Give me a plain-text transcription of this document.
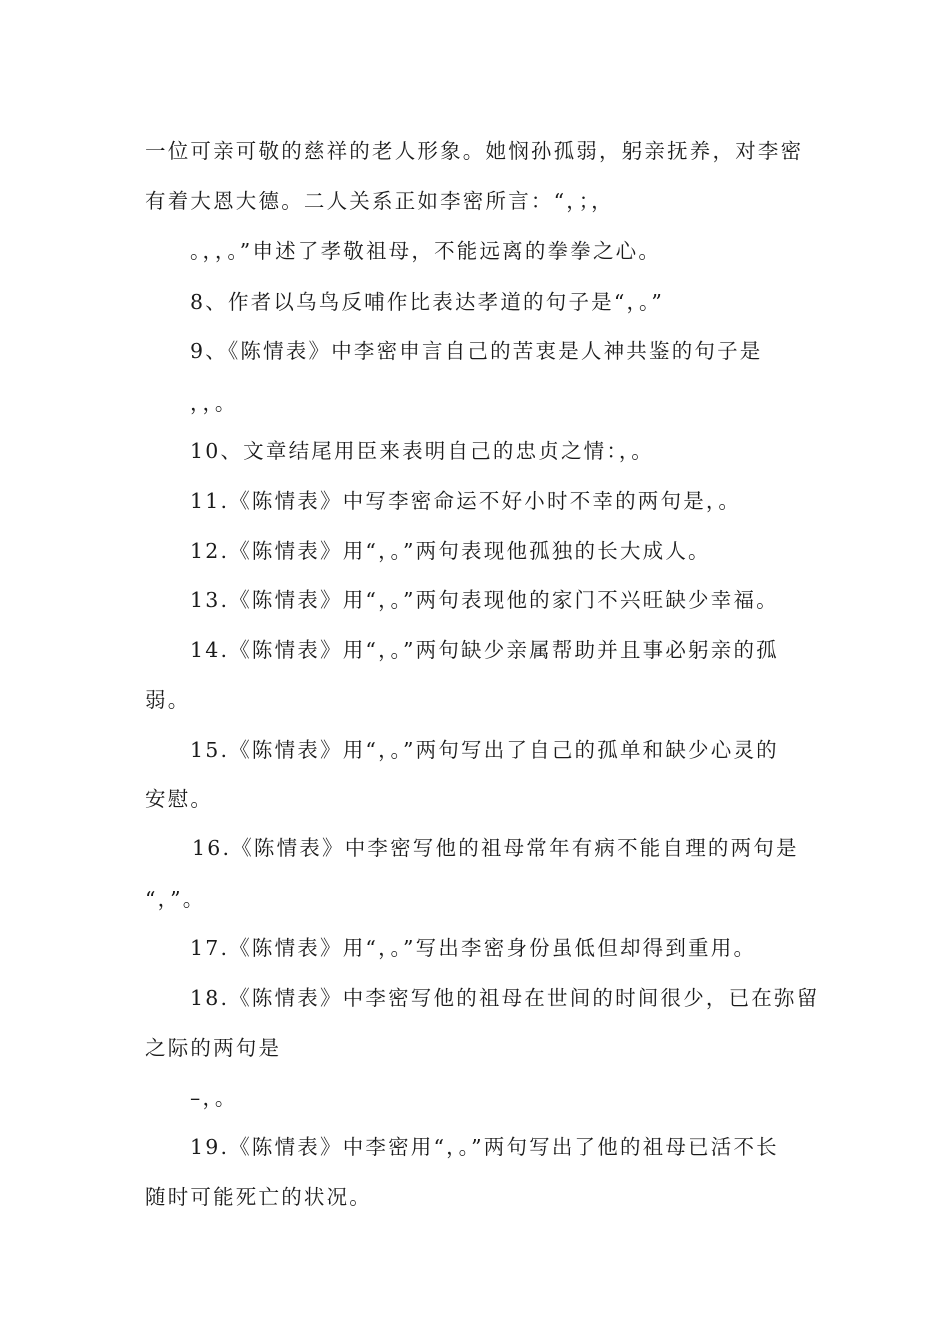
一位可亲可敬的慈祥的老人形象。她悯孙孤弱，躬亲抚养，对李密
有着大恩大德。二人关系正如李密所言：“，；，
。，，。”申述了孝敬祖母，不能远离的拳拳之心。
8、作者以乌鸟反哺作比表达孝道的句子是“，。”
9、《陈情表》中李密申言自己的苦衷是人神共鉴的句子是
，，。
10、文章结尾用臣来表明自己的忠贞之情：，。
11.《陈情表》中写李密命运不好小时不幸的两句是，。
12.《陈情表》用“，。”两句表现他孤独的长大成人。
13.《陈情表》用“，。”两句表现他的家门不兴旺缺少幸福。
14.《陈情表》用“，。”两句缺少亲属帮助并且事必躬亲的孤
弱。
15.《陈情表》用“，。”两句写出了自己的孤单和缺少心灵的
安慰。
16.《陈情表》中李密写他的祖母常年有病不能自理的两句是
“，”。
17.《陈情表》用“，。”写出李密身份虽低但却得到重用。
18.《陈情表》中李密写他的祖母在世间的时间很少，已在弥留
之际的两句是
–，。
19.《陈情表》中李密用“，。”两句写出了他的祖母已活不长
随时可能死亡的状况。
